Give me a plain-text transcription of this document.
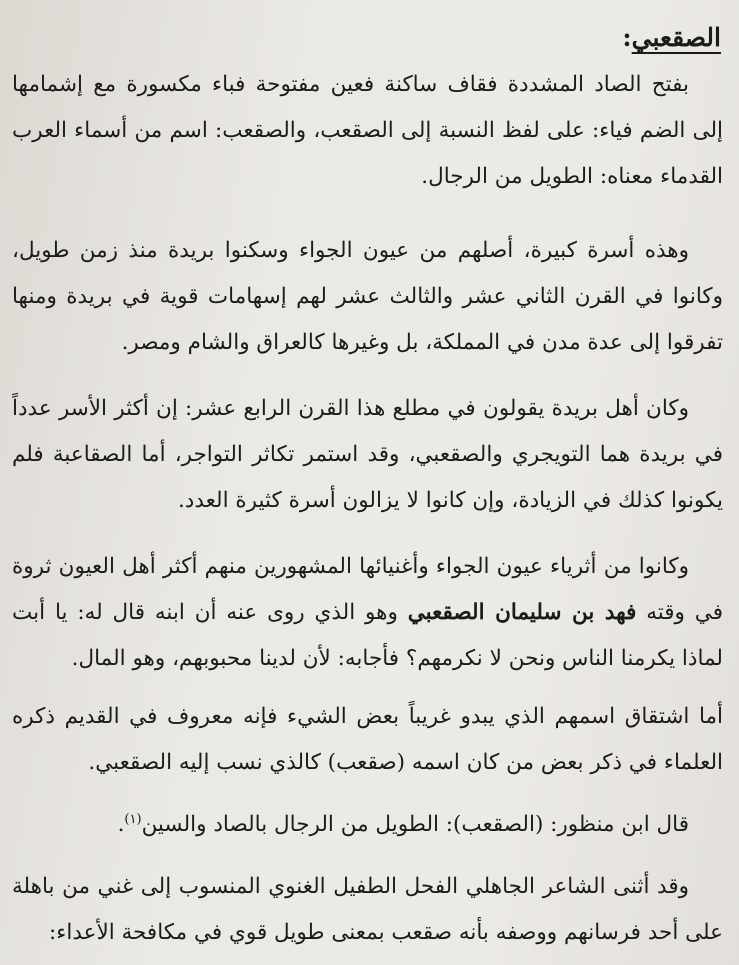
الصقعبي:

بفتح الصاد المشددة فقاف ساكنة فعين مفتوحة فباء مكسورة مع إشمامها إلى الضم فياء: على لفظ النسبة إلى الصقعب، والصقعب: اسم من أسماء العرب القدماء معناه: الطويل من الرجال.

وهذه أسرة كبيرة، أصلهم من عيون الجواء وسكنوا بريدة منذ زمن طويل، وكانوا في القرن الثاني عشر والثالث عشر لهم إسهامات قوية في بريدة ومنها تفرقوا إلى عدة مدن في المملكة، بل وغيرها كالعراق والشام ومصر.

وكان أهل بريدة يقولون في مطلع هذا القرن الرابع عشر: إن أكثر الأسر عدداً في بريدة هما التويجري والصقعبي، وقد استمر تكاثر التواجر، أما الصقاعبة فلم يكونوا كذلك في الزيادة، وإن كانوا لا يزالون أسرة كثيرة العدد.

وكانوا من أثرياء عيون الجواء وأغنيائها المشهورين منهم أكثر أهل العيون ثروة في وقته فهد بن سليمان الصقعبي وهو الذي روى عنه أن ابنه قال له: يا أبت لماذا يكرمنا الناس ونحن لا نكرمهم؟ فأجابه: لأن لدينا محبوبهم، وهو المال.

أما اشتقاق اسمهم الذي يبدو غريباً بعض الشيء فإنه معروف في القديم ذكره العلماء في ذكر بعض من كان اسمه (صقعب) كالذي نسب إليه الصقعبي.

قال ابن منظور: (الصقعب): الطويل من الرجال بالصاد والسين$^{(١)}$.

وقد أثنى الشاعر الجاهلي الفحل الطفيل الغنوي المنسوب إلى غني من باهلة على أحد فرسانهم ووصفه بأنه صقعب بمعنى طويل قوي في مكافحة الأعداء:
